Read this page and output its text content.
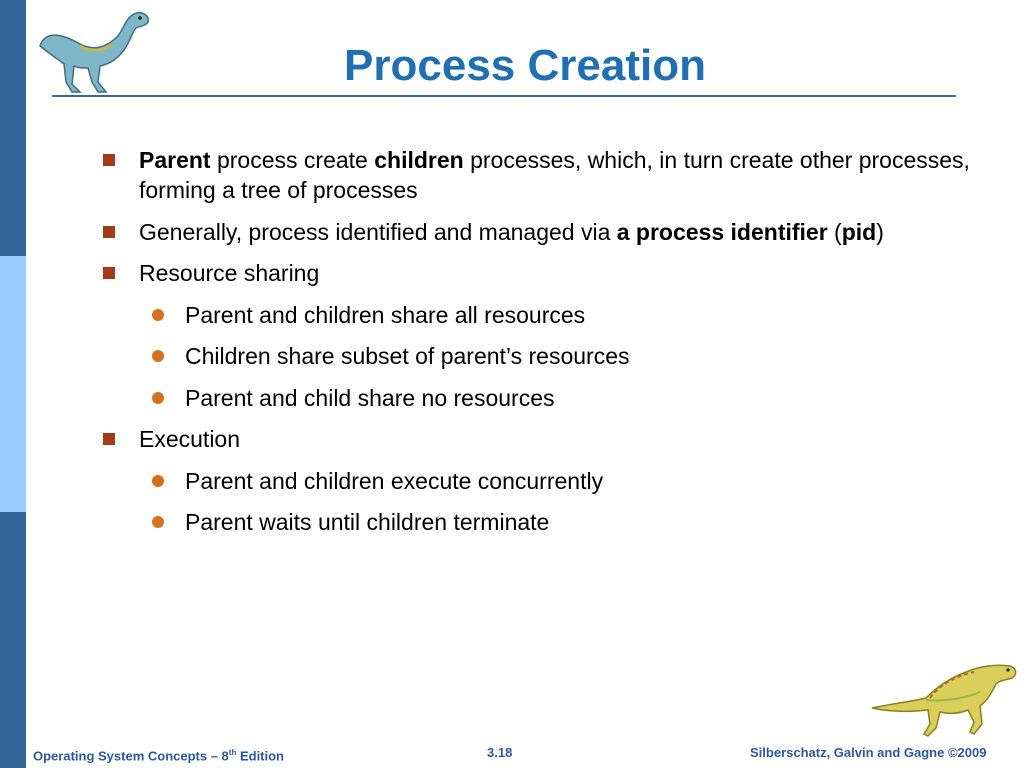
Process Creation
Parent process create children processes, which, in turn create other processes, forming a tree of processes
Generally, process identified and managed via a process identifier (pid)
Resource sharing
Parent and children share all resources
Children share subset of parent’s resources
Parent and child share no resources
Execution
Parent and children execute concurrently
Parent waits until children terminate
Operating System Concepts – 8th Edition	3.18	Silberschatz, Galvin and Gagne ©2009
